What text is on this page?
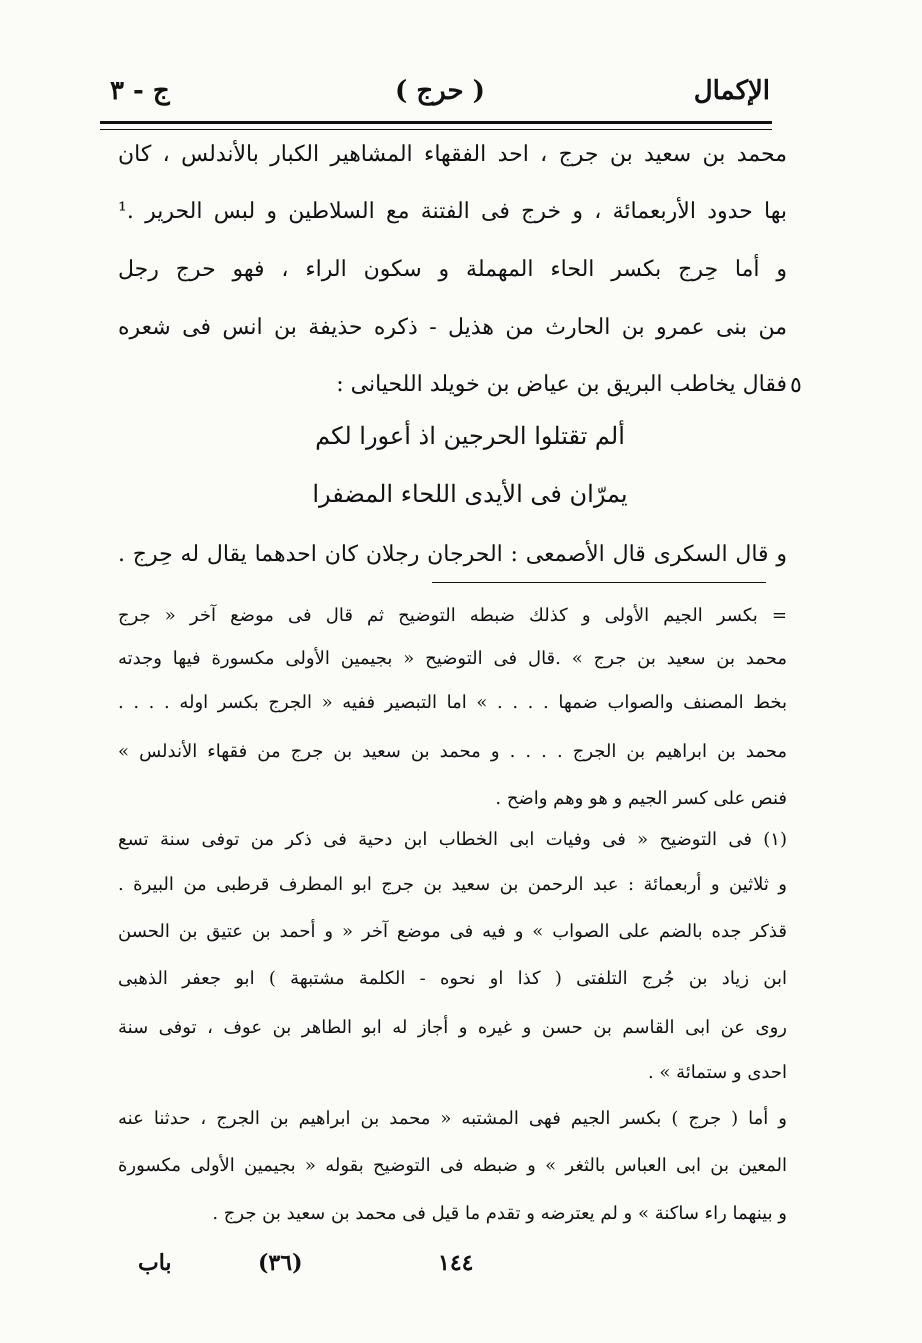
الإكمال
( حرج )
ج - ٣
محمد بن سعيد بن جرج ، احد الفقهاء المشاهير الكبار بالأندلس ، كان
بها حدود الأربعمائة ، و خرج فى الفتنة مع السلاطين و لبس الحرير .¹
و أما حِرج بكسر الحاء المهملة و سكون الراء ، فهو حرج رجل
من بنى عمرو بن الحارث من هذيل - ذكره حذيفة بن انس فى شعره
فقال يخاطب البريق بن عياض بن خويلد اللحيانى : ٥
ألم تقتلوا الحرجين اذ أعورا لكم
يمرّان فى الأيدى اللحاء المضفرا
و قال السكرى قال الأصمعى : الحرجان رجلان كان احدهما يقال له حِرج .
= بكسر الجيم الأولى و كذلك ضبطه التوضيح ثم قال فى موضع آخر « جرج
محمد بن سعيد بن جرج » .قال فى التوضيح « بجيمين الأولى مكسورة فيها وجدته
بخط المصنف والصواب ضمها . . . . » اما التبصير ففيه « الجرج بكسر اوله . . . .
محمد بن ابراهيم بن الجرج . . . . و محمد بن سعيد بن جرج من فقهاء الأندلس »
فنص على كسر الجيم و هو وهم واضح .
(١) فى التوضيح « فى وفيات ابى الخطاب ابن دحية فى ذكر من توفى سنة تسع
و ثلاثين و أربعمائة : عبد الرحمن بن سعيد بن جرج ابو المطرف قرطبى من البيرة .
قذكر جده بالضم على الصواب » و فيه فى موضع آخر « و أحمد بن عتيق بن الحسن
ابن زياد بن جُرج التلفتى ( كذا او نحوه - الكلمة مشتبهة ) ابو جعفر الذهبى
روى عن ابى القاسم بن حسن و غيره و أجاز له ابو الطاهر بن عوف ، توفى سنة
احدى و ستمائة » .
و أما ( جرج ) بكسر الجيم فهى المشتبه « محمد بن ابراهيم بن الجرج ، حدثنا عنه
المعين بن ابى العباس بالثغر » و ضبطه فى التوضيح بقوله « بجيمين الأولى مكسورة
و بينهما راء ساكنة » و لم يعترضه و تقدم ما قيل فى محمد بن سعيد بن جرج .
باب	(٣٦)	١٤٤
